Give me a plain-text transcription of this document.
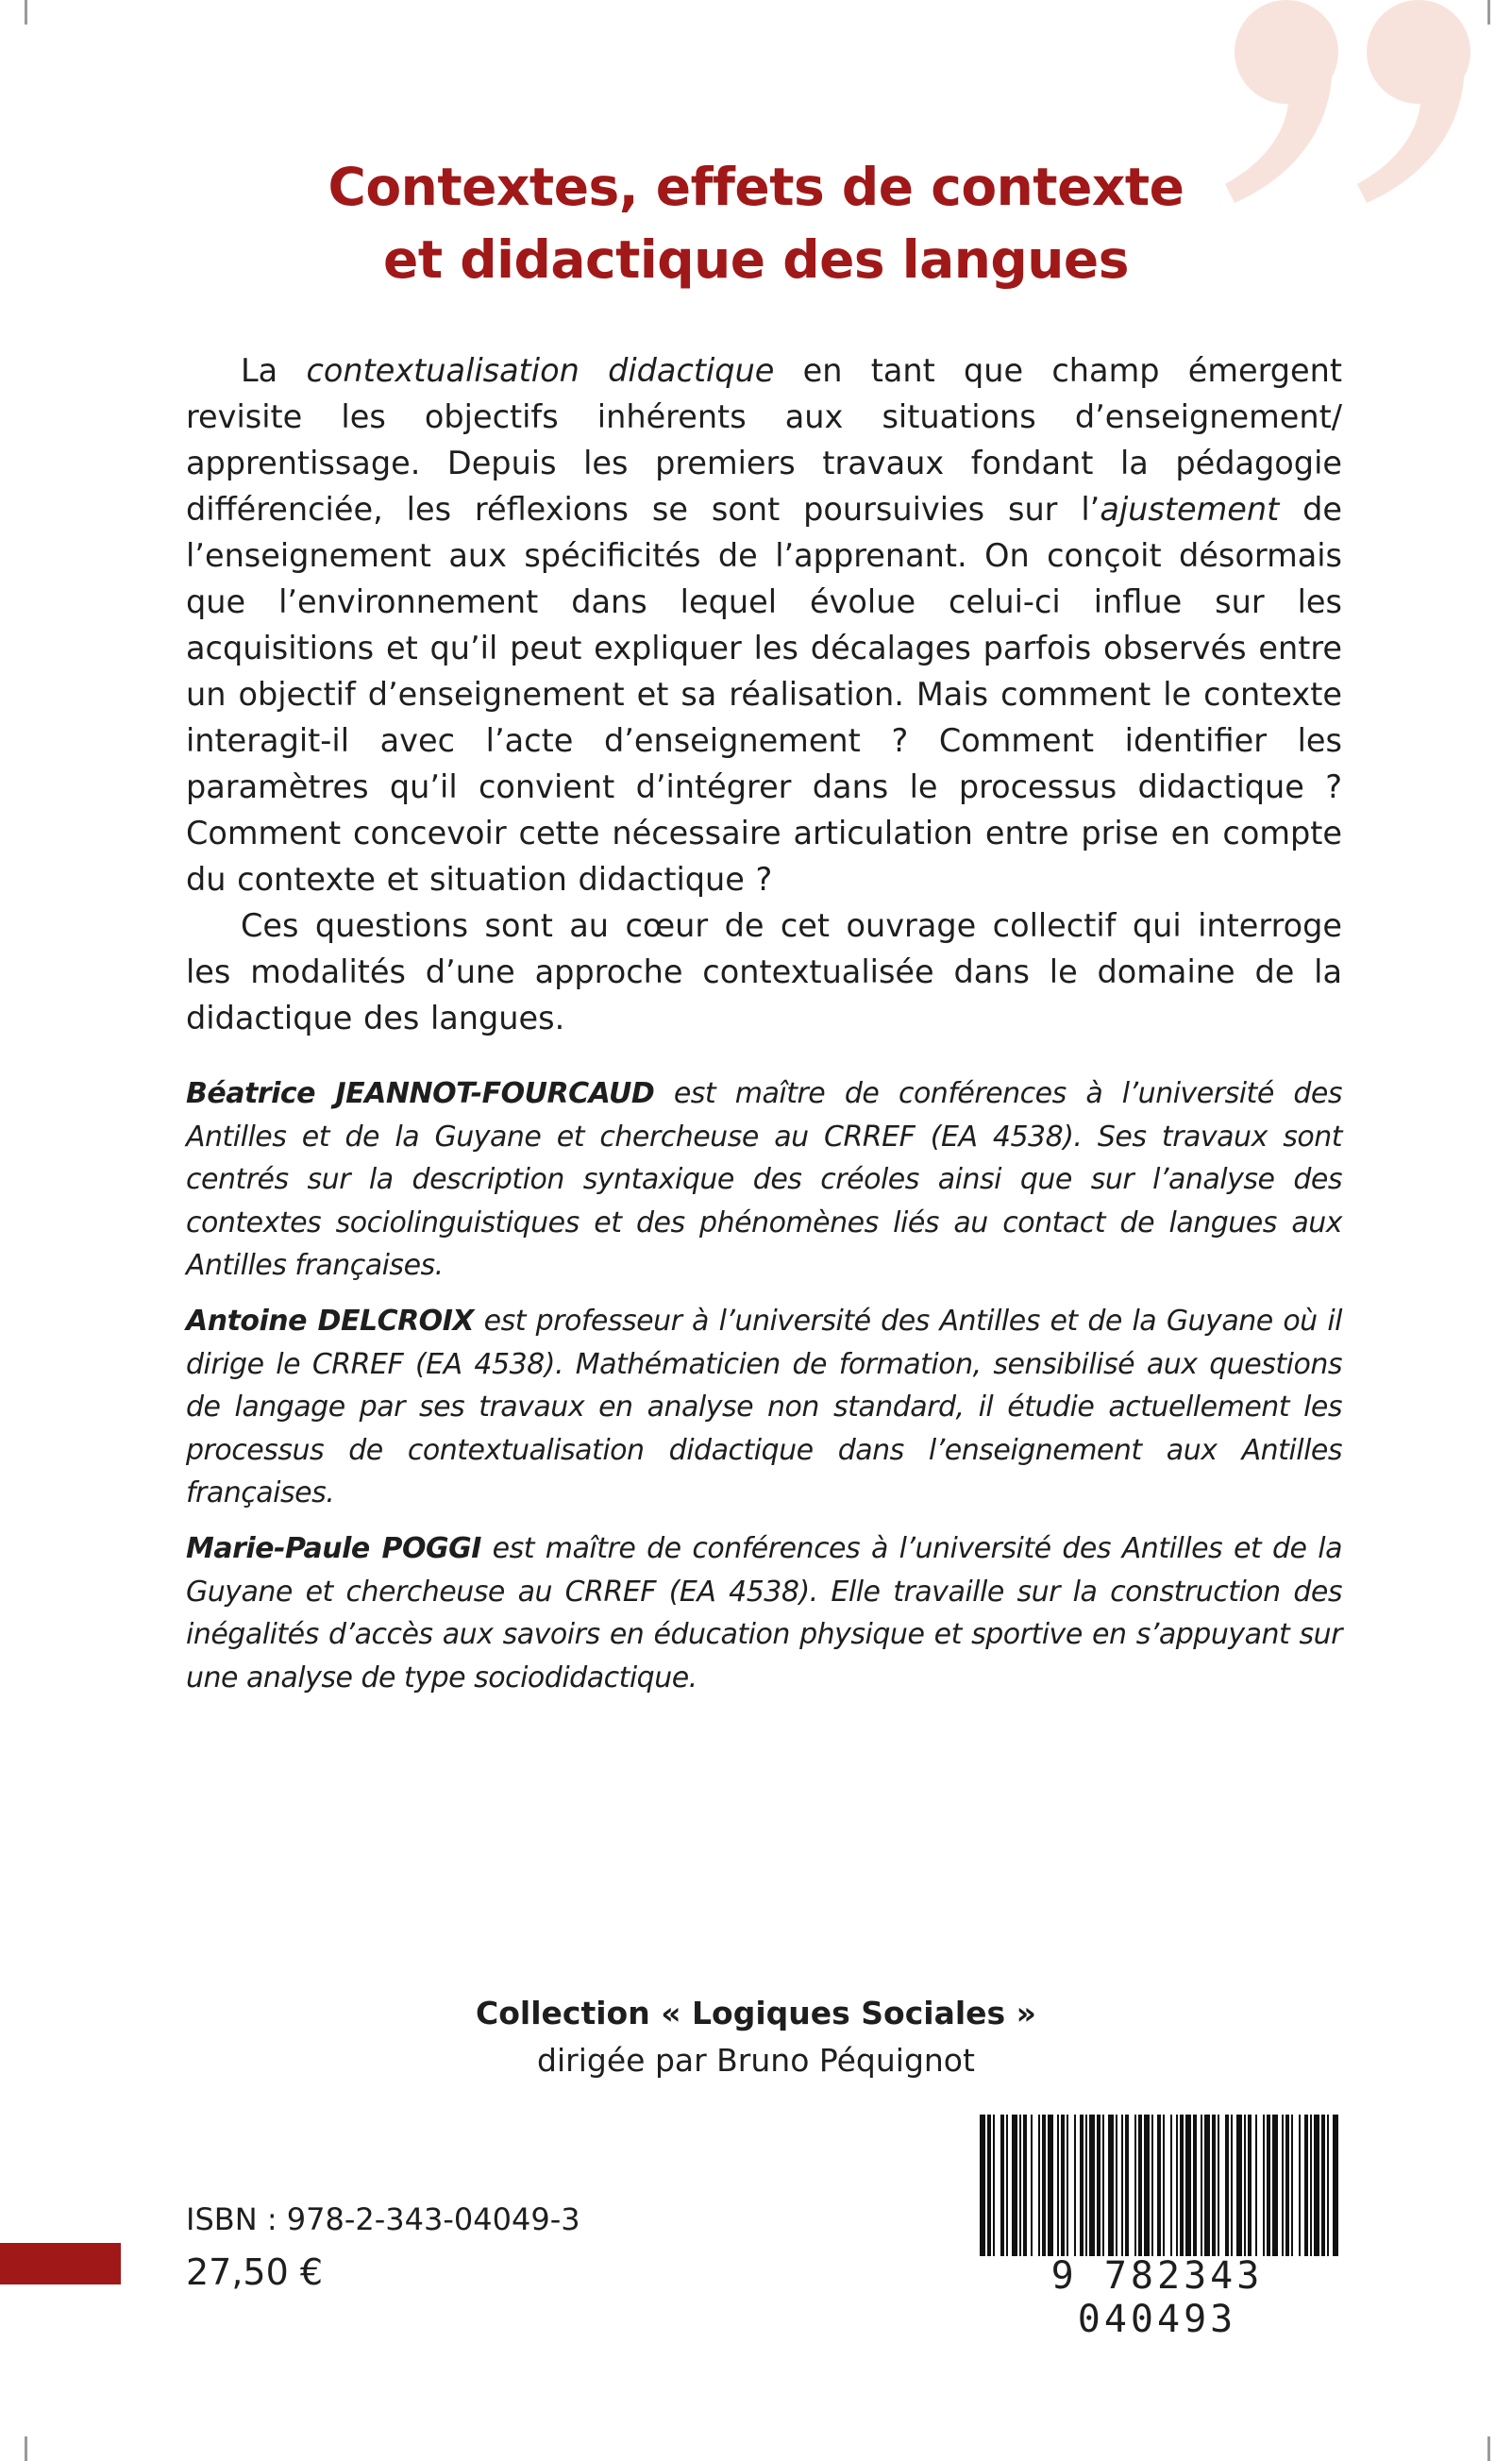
Contextes, effets de contexte
et didactique des langues

La contextualisation didactique en tant que champ émergent revisite les objectifs inhérents aux situations d’enseignement/ apprentissage. Depuis les premiers travaux fondant la pédagogie différenciée, les réflexions se sont poursuivies sur l’ajustement de l’enseignement aux spécificités de l’apprenant. On conçoit désormais que l’environnement dans lequel évolue celui-ci influe sur les acquisitions et qu’il peut expliquer les décalages parfois observés entre un objectif d’enseignement et sa réalisation. Mais comment le contexte interagit-il avec l’acte d’enseignement ? Comment identifier les paramètres qu’il convient d’intégrer dans le processus didactique ? Comment concevoir cette nécessaire articulation entre prise en compte du contexte et situation didactique ?

Ces questions sont au cœur de cet ouvrage collectif qui interroge les modalités d’une approche contextualisée dans le domaine de la didactique des langues.

Béatrice JEANNOT-FOURCAUD est maître de conférences à l’université des Antilles et de la Guyane et chercheuse au CRREF (EA 4538). Ses travaux sont centrés sur la description syntaxique des créoles ainsi que sur l’analyse des contextes sociolinguistiques et des phénomènes liés au contact de langues aux Antilles françaises.

Antoine DELCROIX est professeur à l’université des Antilles et de la Guyane où il dirige le CRREF (EA 4538). Mathématicien de formation, sensibilisé aux questions de langage par ses travaux en analyse non standard, il étudie actuellement les processus de contextualisation didactique dans l’enseignement aux Antilles françaises.

Marie-Paule POGGI est maître de conférences à l’université des Antilles et de la Guyane et chercheuse au CRREF (EA 4538). Elle travaille sur la construction des inégalités d’accès aux savoirs en éducation physique et sportive en s’appuyant sur une analyse de type sociodidactique.

Collection « Logiques Sociales »
dirigée par Bruno Péquignot
ISBN : 978-2-343-04049-3
27,50 €	9 782343 040493
